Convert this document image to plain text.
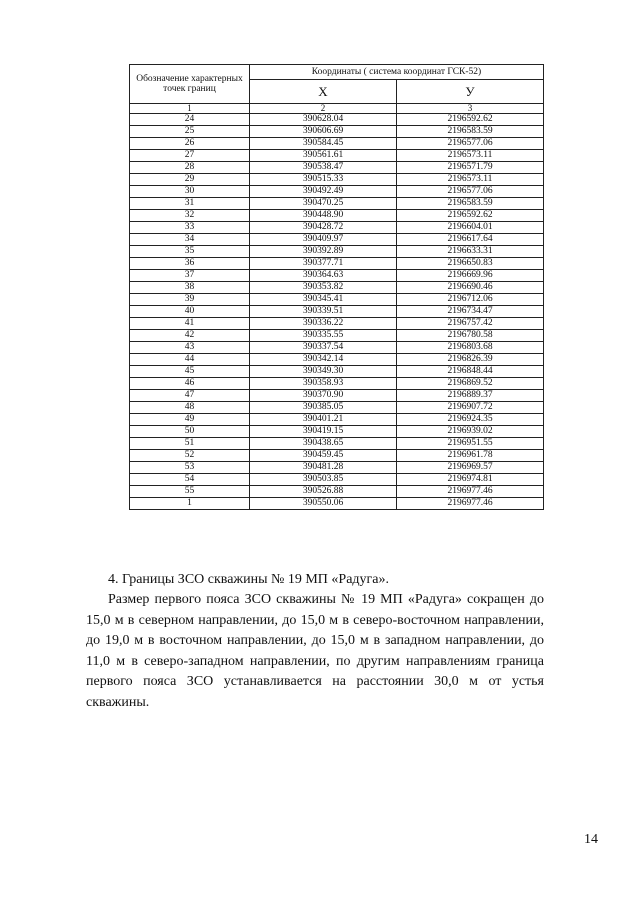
Обозначение характерных точек границ	Координаты ( система координат ГСК-52)	
	X	У
1	2	3
24	390628.04	2196592.62
25	390606.69	2196583.59
26	390584.45	2196577.06
27	390561.61	2196573.11
28	390538.47	2196571.79
29	390515.33	2196573.11
30	390492.49	2196577.06
31	390470.25	2196583.59
32	390448.90	2196592.62
33	390428.72	2196604.01
34	390409.97	2196617.64
35	390392.89	2196633.31
36	390377.71	2196650.83
37	390364.63	2196669.96
38	390353.82	2196690.46
39	390345.41	2196712.06
40	390339.51	2196734.47
41	390336.22	2196757.42
42	390335.55	2196780.58
43	390337.54	2196803.68
44	390342.14	2196826.39
45	390349.30	2196848.44
46	390358.93	2196869.52
47	390370.90	2196889.37
48	390385.05	2196907.72
49	390401.21	2196924.35
50	390419.15	2196939.02
51	390438.65	2196951.55
52	390459.45	2196961.78
53	390481.28	2196969.57
54	390503.85	2196974.81
55	390526.88	2196977.46
1	390550.06	2196977.46

4. Границы ЗСО скважины № 19 МП «Радуга».

Размер первого пояса ЗСО скважины № 19 МП «Радуга» сокращен до 15,0 м в северном направлении, до 15,0 м в северо-восточном направлении, до 19,0 м в восточном направлении, до 15,0 м в западном направлении, до 11,0 м в северо-западном направлении, по другим направлениям граница первого пояса ЗСО устанавливается на расстоянии 30,0 м от устья скважины.

14
